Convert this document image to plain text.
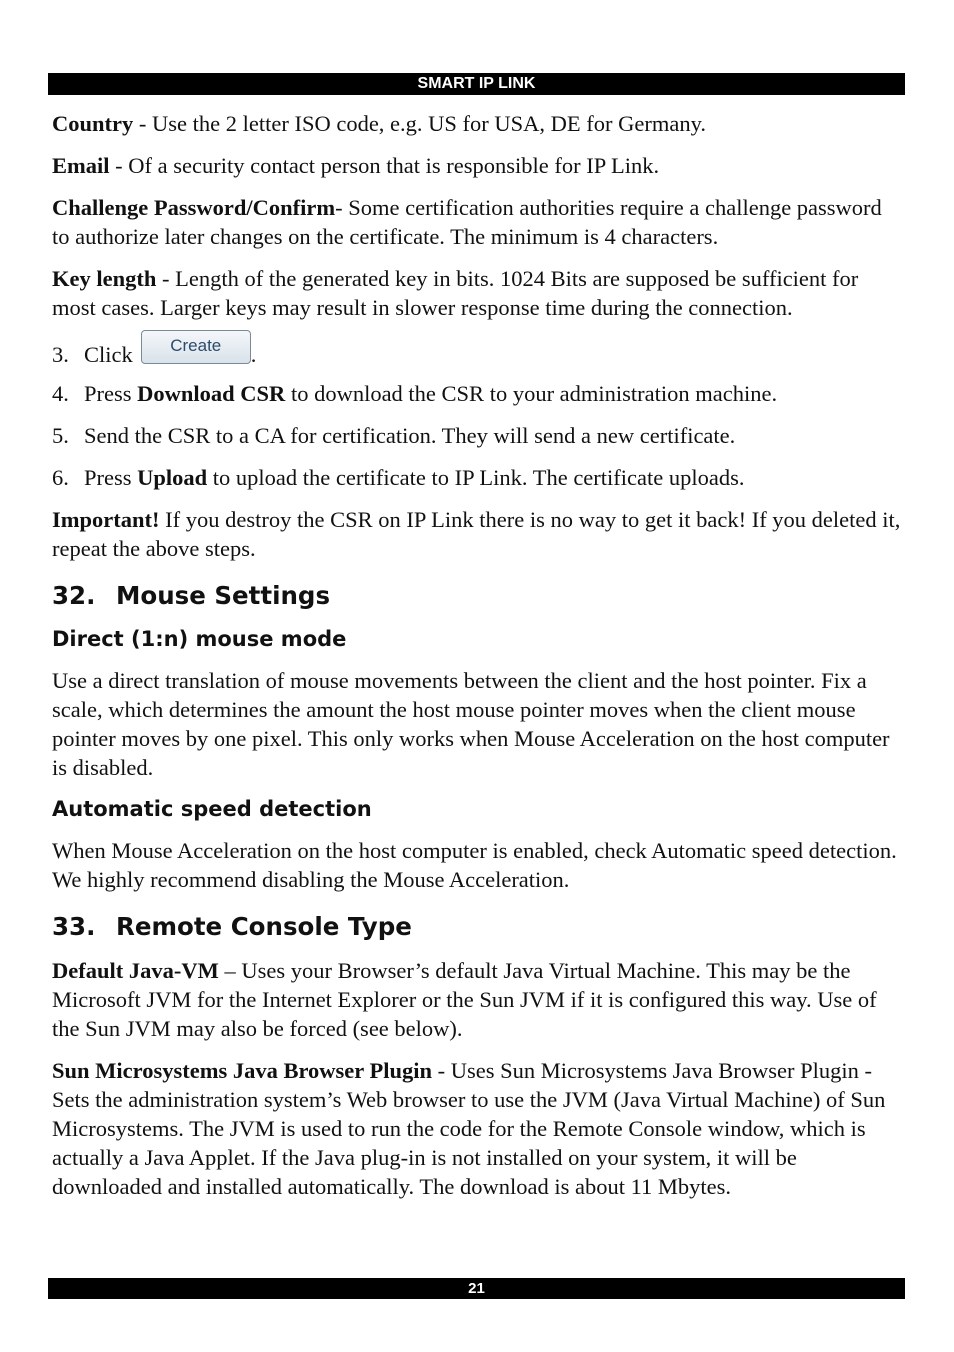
SMART IP LINK

Country - Use the 2 letter ISO code, e.g. US for USA, DE for Germany.

Email - Of a security contact person that is responsible for IP Link.

Challenge Password/Confirm- Some certification authorities require a challenge password to authorize later changes on the certificate. The minimum is 4 characters.

Key length - Length of the generated key in bits. 1024 Bits are supposed be sufficient for most cases. Larger keys may result in slower response time during the connection.

3. Click	Create	.
4. Press Download CSR to download the CSR to your administration machine.
5. Send the CSR to a CA for certification. They will send a new certificate.
6. Press Upload to upload the certificate to IP Link. The certificate uploads.

Important! If you destroy the CSR on IP Link there is no way to get it back! If you deleted it, repeat the above steps.

32. Mouse Settings
Direct (1:n) mouse mode

Use a direct translation of mouse movements between the client and the host pointer. Fix a scale, which determines the amount the host mouse pointer moves when the client mouse pointer moves by one pixel. This only works when Mouse Acceleration on the host computer is disabled.

Automatic speed detection

When Mouse Acceleration on the host computer is enabled, check Automatic speed detection. We highly recommend disabling the Mouse Acceleration.

33. Remote Console Type

Default Java-VM – Uses your Browser’s default Java Virtual Machine. This may be the Microsoft JVM for the Internet Explorer or the Sun JVM if it is configured this way. Use of the Sun JVM may also be forced (see below).

Sun Microsystems Java Browser Plugin - Uses Sun Microsystems Java Browser Plugin - Sets the administration system’s Web browser to use the JVM (Java Virtual Machine) of Sun Microsystems. The JVM is used to run the code for the Remote Console window, which is actually a Java Applet. If the Java plug-in is not installed on your system, it will be downloaded and installed automatically. The download is about 11 Mbytes.

21
